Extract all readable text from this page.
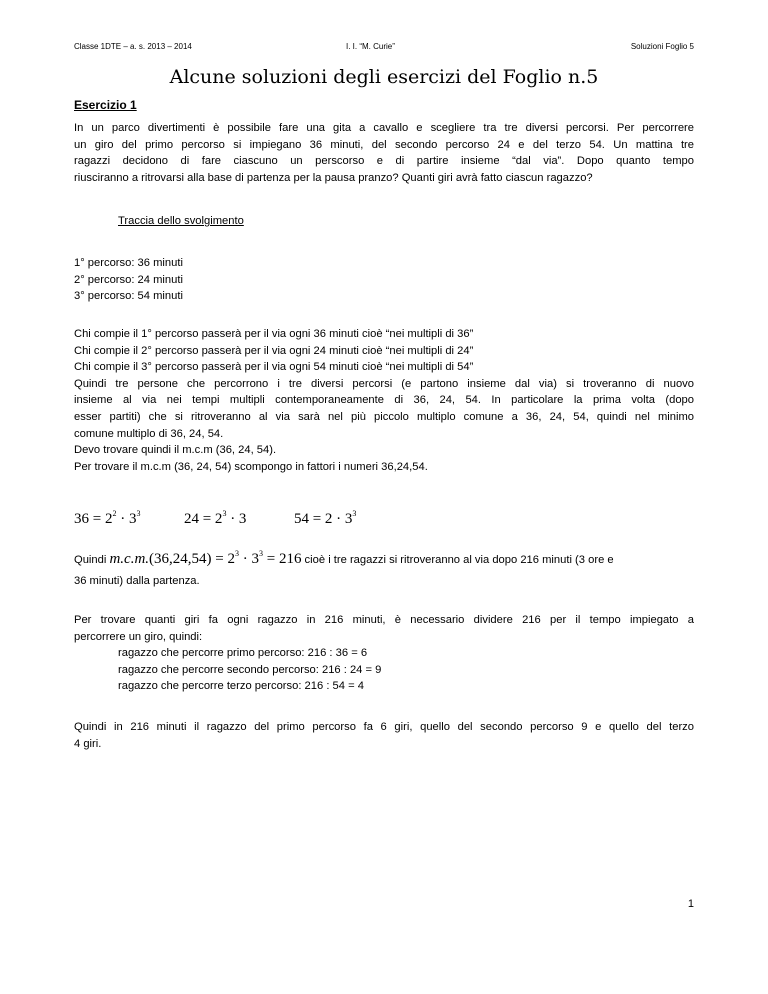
Classe 1DTE – a. s. 2013 – 2014	I. I. “M. Curie”	Soluzioni Foglio 5
Alcune soluzioni degli esercizi del Foglio n.5
Esercizio 1
In un parco divertimenti è possibile fare una gita a cavallo e scegliere tra tre diversi percorsi. Per percorrere
un giro del primo percorso si impiegano 36 minuti, del secondo percorso 24 e del terzo 54. Un mattina tre
ragazzi decidono di fare ciascuno un perscorso e di partire insieme “dal via”. Dopo quanto tempo
riusciranno a ritrovarsi alla base di partenza per la pausa pranzo? Quanti giri avrà fatto ciascun ragazzo?
Traccia dello svolgimento
1° percorso: 36 minuti
2° percorso: 24 minuti
3° percorso: 54 minuti
Chi compie il 1° percorso passerà per il via ogni 36 minuti cioè “nei multipli di 36”
Chi compie il 2° percorso passerà per il via ogni 24 minuti cioè “nei multipli di 24”
Chi compie il 3° percorso passerà per il via ogni 54 minuti cioè “nei multipli di 54”
Quindi tre persone che percorrono i tre diversi percorsi (e partono insieme dal via) si troveranno di nuovo
insieme al via nei tempi multipli contemporaneamente di 36, 24, 54. In particolare la prima volta (dopo
esser partiti) che si ritroveranno al via sarà nel più piccolo multiplo comune a 36, 24, 54, quindi nel minimo
comune multiplo di 36, 24, 54.
Devo trovare quindi il m.c.m (36, 24, 54).
Per trovare il m.c.m (36, 24, 54) scompongo in fattori i numeri 36,24,54.
$36 = 2^2 \cdot 3^3$	$24 = 2^3 \cdot 3$	$54 = 2 \cdot 3^3$
Quindi $m.c.m.(36,24,54) = 2^3 \cdot 3^3 = 216$ cioè i tre ragazzi si ritroveranno al via dopo 216 minuti (3 ore e
36 minuti) dalla partenza.
Per trovare quanti giri fa ogni ragazzo in 216 minuti, è necessario dividere 216 per il tempo impiegato a
percorrere un giro, quindi:
ragazzo che percorre primo percorso: 216 : 36 = 6
ragazzo che percorre secondo percorso: 216 : 24 = 9
ragazzo che percorre terzo percorso: 216 : 54 = 4
Quindi in 216 minuti il ragazzo del primo percorso fa 6 giri, quello del secondo percorso 9 e quello del terzo
4 giri.
1
